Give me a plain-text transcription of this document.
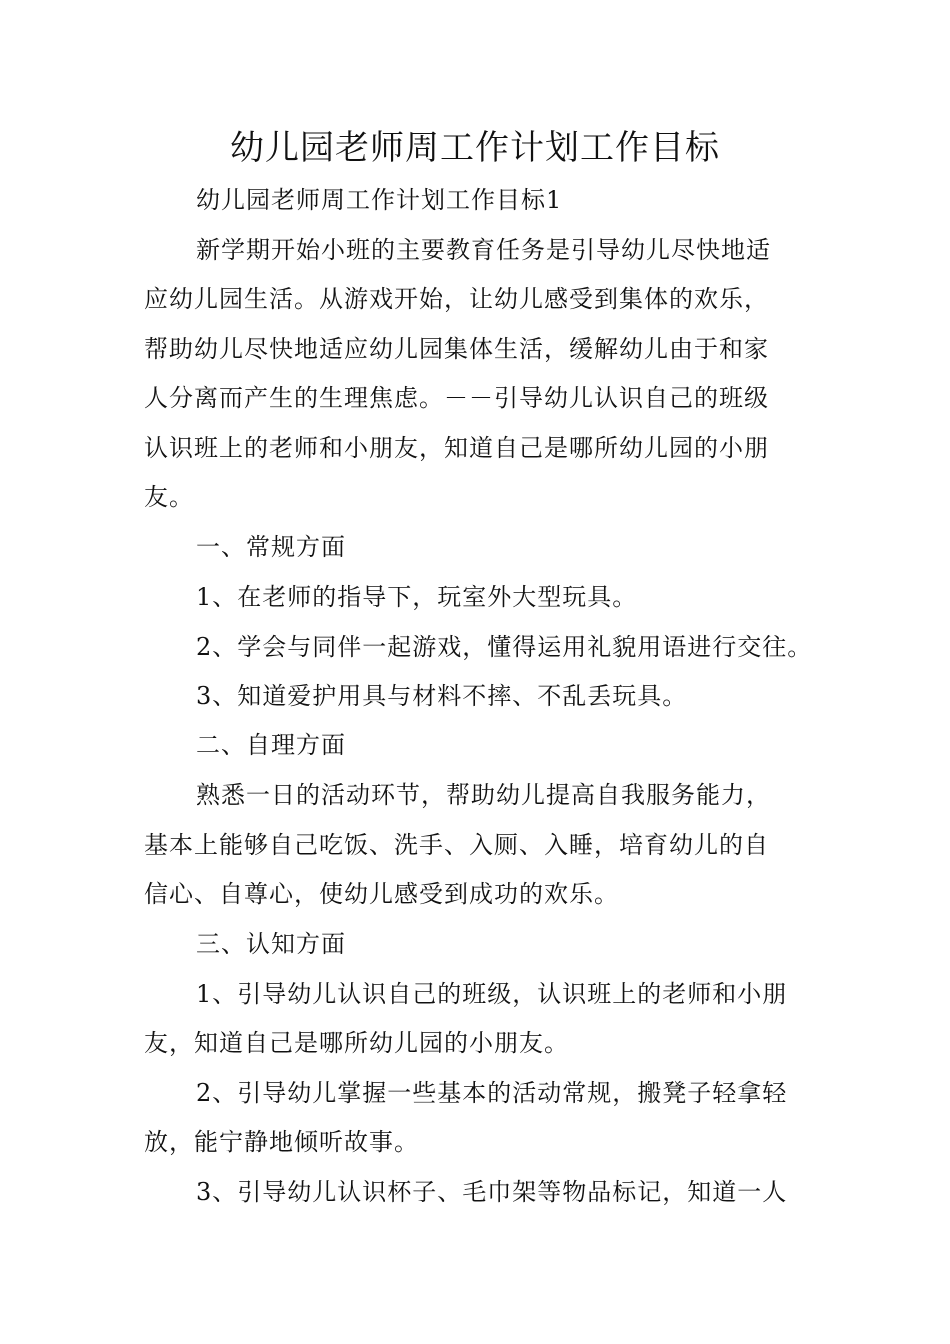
幼儿园老师周工作计划工作目标

幼儿园老师周工作计划工作目标1

新学期开始小班的主要教育任务是引导幼儿尽快地适

应幼儿园生活。从游戏开始，让幼儿感受到集体的欢乐，

帮助幼儿尽快地适应幼儿园集体生活，缓解幼儿由于和家

人分离而产生的生理焦虑。－－引导幼儿认识自己的班级

认识班上的老师和小朋友，知道自己是哪所幼儿园的小朋

友。

一、常规方面

1、在老师的指导下，玩室外大型玩具。

2、学会与同伴一起游戏，懂得运用礼貌用语进行交往。

3、知道爱护用具与材料不摔、不乱丢玩具。

二、自理方面

熟悉一日的活动环节，帮助幼儿提高自我服务能力，

基本上能够自己吃饭、洗手、入厕、入睡，培育幼儿的自

信心、自尊心，使幼儿感受到成功的欢乐。

三、认知方面

1、引导幼儿认识自己的班级，认识班上的老师和小朋

友，知道自己是哪所幼儿园的小朋友。

2、引导幼儿掌握一些基本的活动常规，搬凳子轻拿轻

放，能宁静地倾听故事。

3、引导幼儿认识杯子、毛巾架等物品标记，知道一人
